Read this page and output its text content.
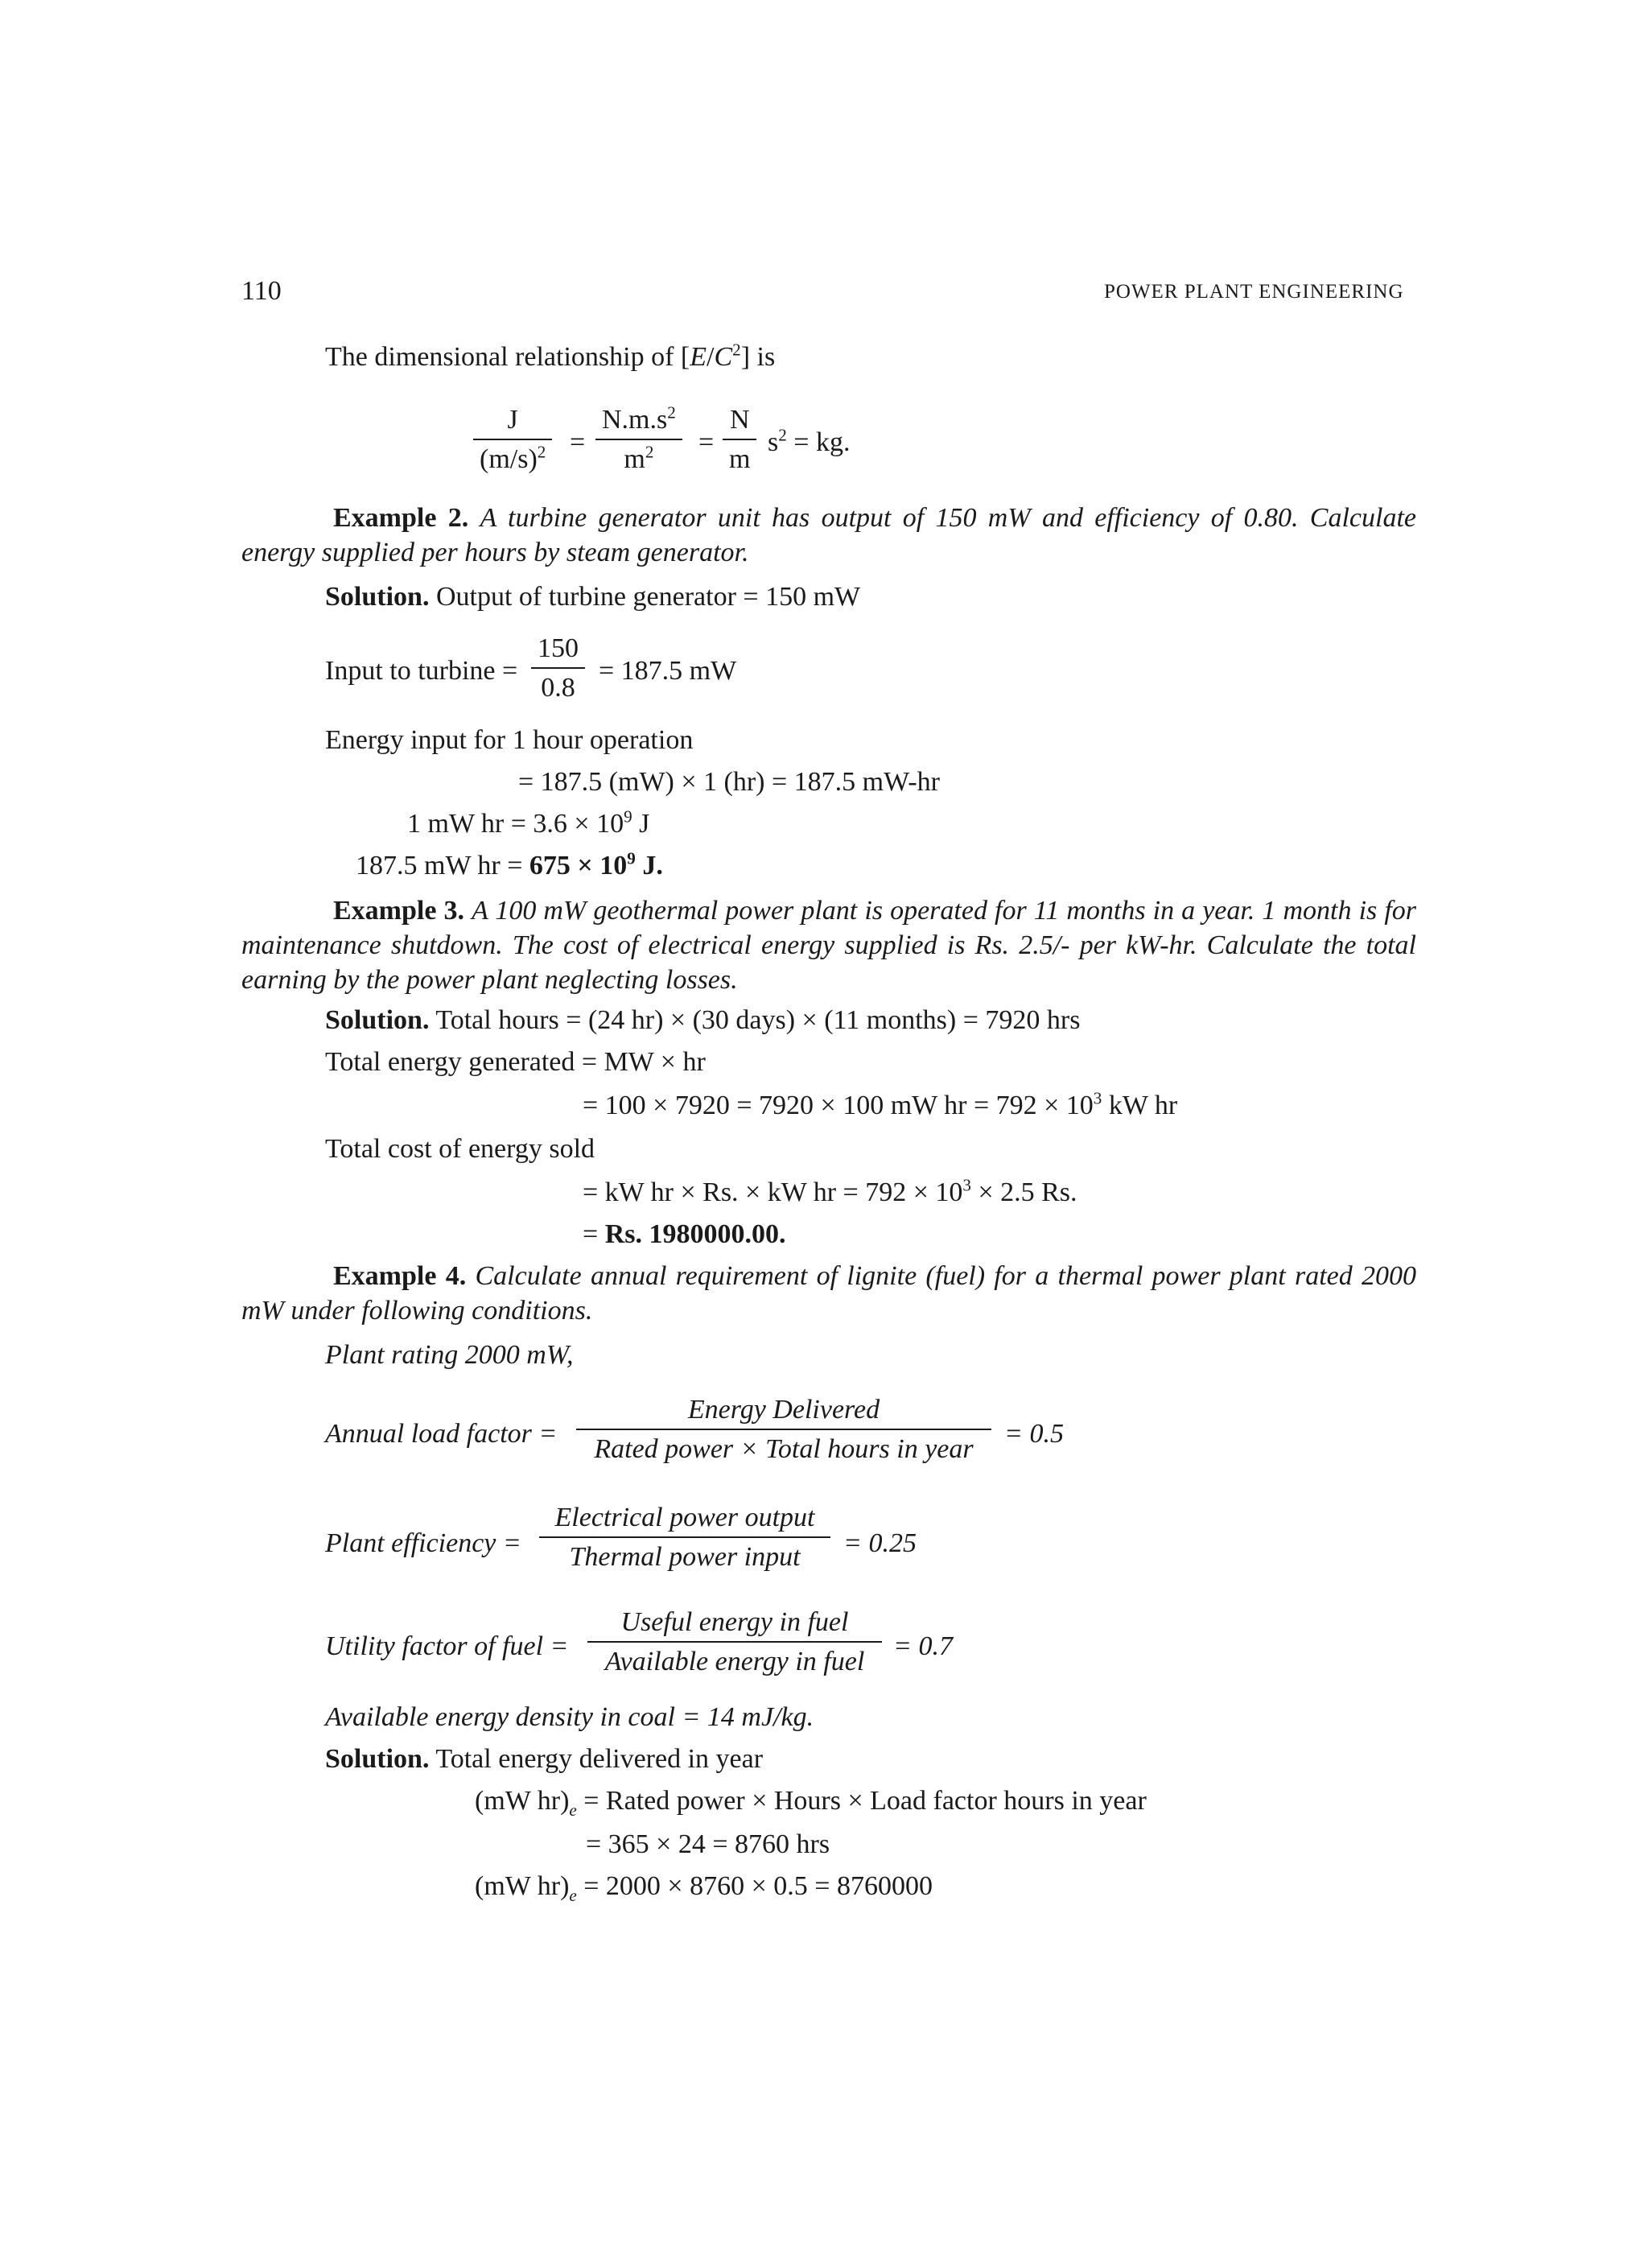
110	POWER PLANT ENGINEERING
The dimensional relationship of $[E/C^2]$ is
$\frac{J}{(m/s)^2} = \frac{N.m.s^2}{m^2} = \frac{N}{m} s^2$ = kg.
Example 2. A turbine generator unit has output of 150 mW and efficiency of 0.80. Calculate energy supplied per hours by steam generator.
Solution. Output of turbine generator = 150 mW
Input to turbine = $\frac{150}{0.8} = 187.5$ mW
Energy input for 1 hour operation
= 187.5 (mW) × 1 (hr) = 187.5 mW-hr
1 mW hr = $3.6 \times 10^9$ J
187.5 mW hr = $675 \times 10^9$ J.
Example 3. A 100 mW geothermal power plant is operated for 11 months in a year. 1 month is for maintenance shutdown. The cost of electrical energy supplied is Rs. 2.5/- per kW-hr. Calculate the total earning by the power plant neglecting losses.
Solution. Total hours = (24 hr) × (30 days) × (11 months) = 7920 hrs
Total energy generated = MW × hr
= 100 × 7920 = 7920 × 100 mW hr = $792 \times 10^3$ kW hr
Total cost of energy sold
= kW hr × Rs. × kW hr = $792 \times 10^3 \times 2.5$ Rs.
= Rs. 1980000.00.
Example 4. Calculate annual requirement of lignite (fuel) for a thermal power plant rated 2000 mW under following conditions.
Plant rating 2000 mW,
Annual load factor =
Energy Delivered
Rated power × Total hours in year
= 0.5
Plant efficiency =
Electrical power output
Thermal power input	= 0.25
Utility factor of fuel =
Useful energy in fuel
Available energy in fuel
= 0.7
Available energy density in coal = 14 mJ/kg.
Solution. Total energy delivered in year
(mW $hr)_e$ = Rated power × Hours × Load factor hours in year
= 365 × 24 = 8760 hrs
(mW $hr)_e = 2000 \times 8760 \times 0.5 = 8760000$
